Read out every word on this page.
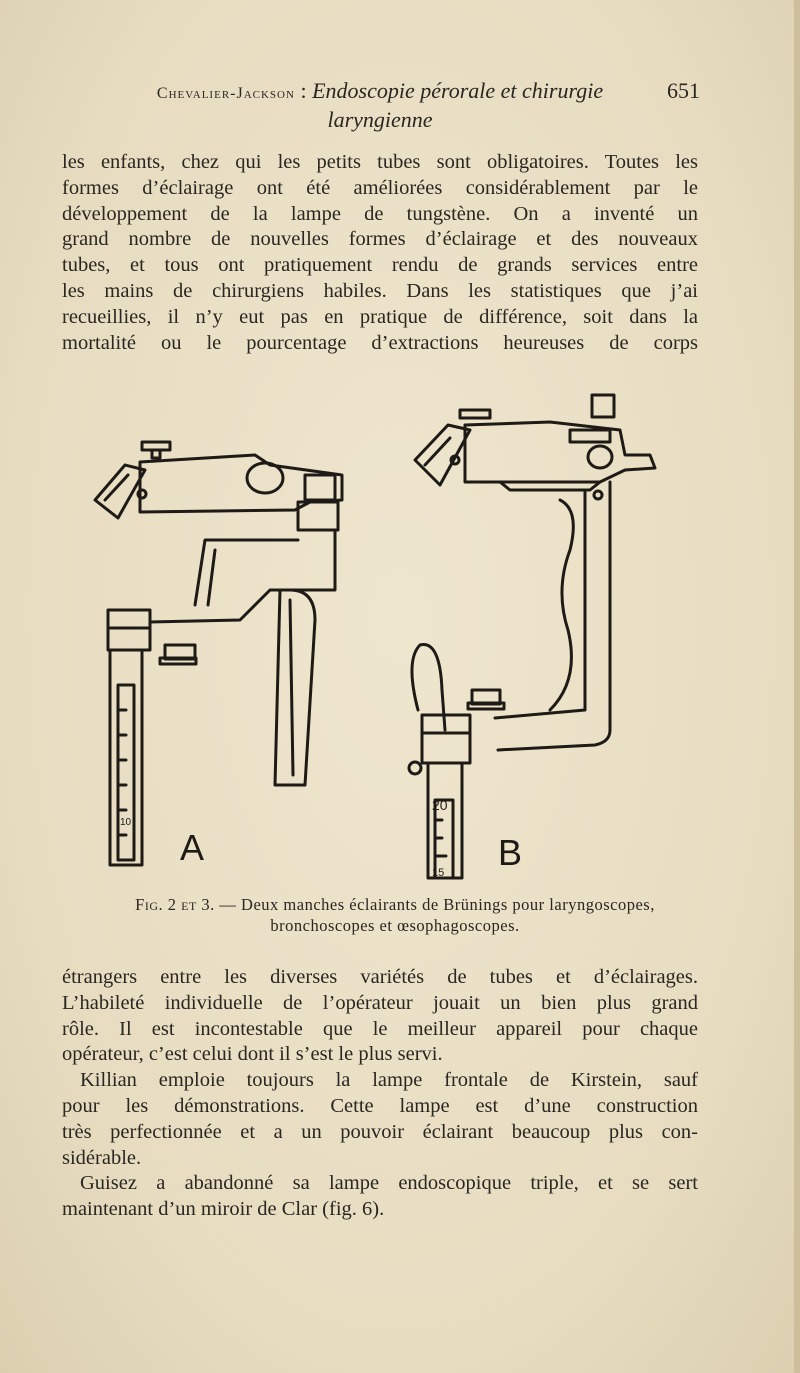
Chevalier-Jackson : Endoscopie pérorale et chirurgie
laryngienne
651

les enfants, chez qui les petits tubes sont obligatoires. Toutes les

formes d’éclairage ont été améliorées considérablement par le

développement de la lampe de tungstène. On a inventé un

grand nombre de nouvelles formes d’éclairage et des nouveaux

tubes, et tous ont pratiquement rendu de grands services entre

les mains de chirurgiens habiles. Dans les statistiques que j’ai

recueillies, il n’y eut pas en pratique de différence, soit dans la

mortalité ou le pourcentage d’extractions heureuses de corps

A	B
10
20
15
Fig. 2 et 3. — Deux manches éclairants de Brünings pour laryngoscopes,
bronchoscopes et œsophagoscopes.

étrangers entre les diverses variétés de tubes et d’éclairages.

L’habileté individuelle de l’opérateur jouait un bien plus grand

rôle. Il est incontestable que le meilleur appareil pour chaque

opérateur, c’est celui dont il s’est le plus servi.

Killian emploie toujours la lampe frontale de Kirstein, sauf

pour les démonstrations. Cette lampe est d’une construction

très perfectionnée et a un pouvoir éclairant beaucoup plus con-

sidérable.

Guisez a abandonné sa lampe endoscopique triple, et se sert

maintenant d’un miroir de Clar (fig. 6).
